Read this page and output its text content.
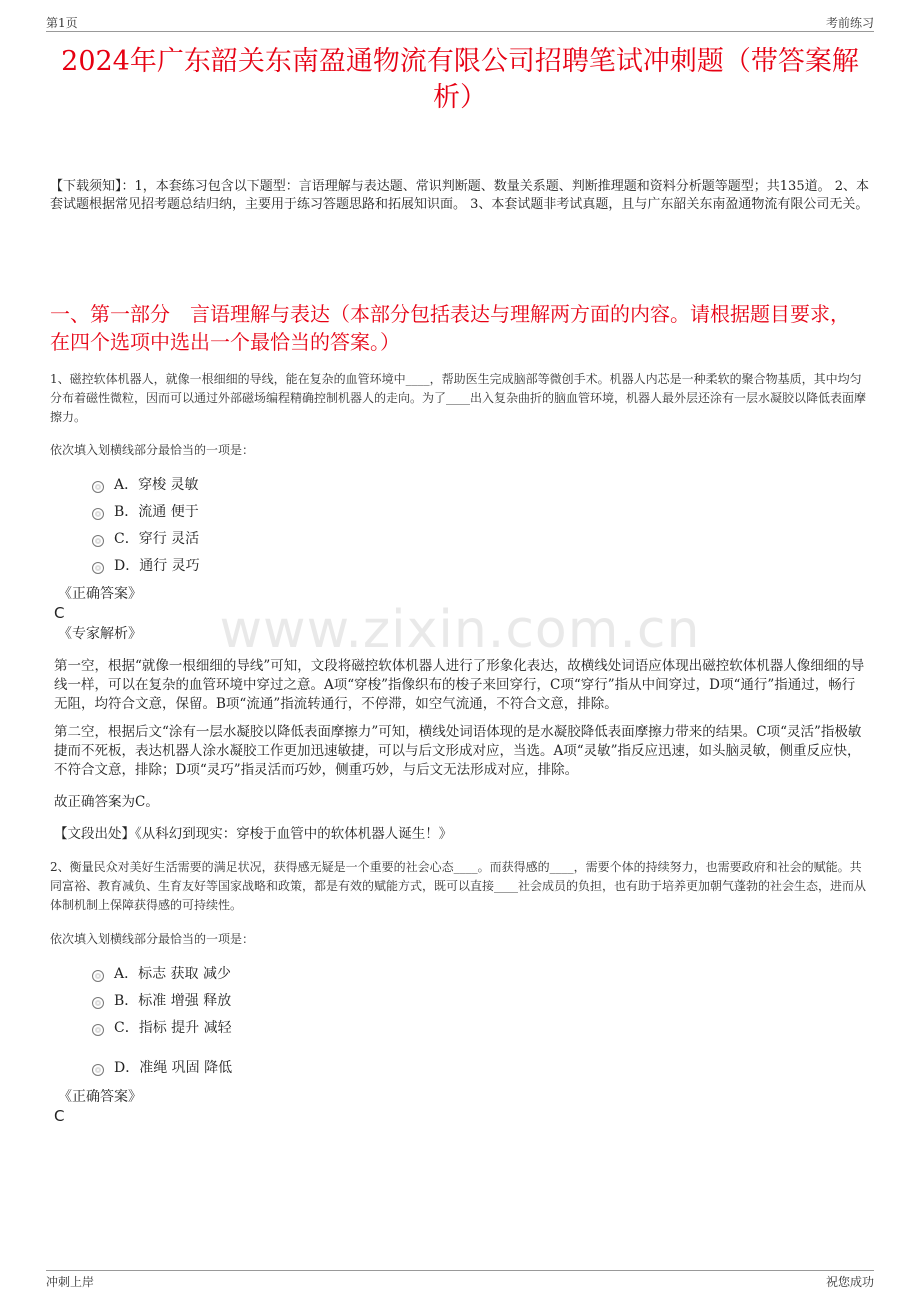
第1页	考前练习
2024年广东韶关东南盈通物流有限公司招聘笔试冲刺题（带答案解析）
【下载须知】：1，本套练习包含以下题型：言语理解与表达题、常识判断题、数量关系题、判断推理题和资料分析题等题型；共135道。 2、本套试题根据常见招考题总结归纳，主要用于练习答题思路和拓展知识面。 3、本套试题非考试真题，且与广东韶关东南盈通物流有限公司无关。
一、第一部分　言语理解与表达（本部分包括表达与理解两方面的内容。请根据题目要求，在四个选项中选出一个最恰当的答案。）
1、磁控软体机器人，就像一根细细的导线，能在复杂的血管环境中____，帮助医生完成脑部等微创手术。机器人内芯是一种柔软的聚合物基质，其中均匀分布着磁性微粒，因而可以通过外部磁场编程精确控制机器人的走向。为了____出入复杂曲折的脑血管环境，机器人最外层还涂有一层水凝胶以降低表面摩擦力。
依次填入划横线部分最恰当的一项是：
A．穿梭 灵敏
B．流通 便于
C．穿行 灵活
D．通行 灵巧
《正确答案》
C
《专家解析》	www.zixin.com.cn
第一空，根据“就像一根细细的导线”可知，文段将磁控软体机器人进行了形象化表达，故横线处词语应体现出磁控软体机器人像细细的导线一样，可以在复杂的血管环境中穿过之意。A项“穿梭”指像织布的梭子来回穿行，C项“穿行”指从中间穿过，D项“通行”指通过，畅行无阻，均符合文意，保留。B项“流通”指流转通行，不停滞，如空气流通，不符合文意，排除。
第二空，根据后文“涂有一层水凝胶以降低表面摩擦力”可知，横线处词语体现的是水凝胶降低表面摩擦力带来的结果。C项“灵活”指极敏捷而不死板，表达机器人涂水凝胶工作更加迅速敏捷，可以与后文形成对应，当选。A项“灵敏”指反应迅速，如头脑灵敏，侧重反应快，不符合文意，排除；D项“灵巧”指灵活而巧妙，侧重巧妙，与后文无法形成对应，排除。
故正确答案为C。
【文段出处】《从科幻到现实：穿梭于血管中的软体机器人诞生！》
2、衡量民众对美好生活需要的满足状况，获得感无疑是一个重要的社会心态____。而获得感的____，需要个体的持续努力，也需要政府和社会的赋能。共同富裕、教育减负、生育友好等国家战略和政策，都是有效的赋能方式，既可以直接____社会成员的负担，也有助于培养更加朝气蓬勃的社会生态，进而从体制机制上保障获得感的可持续性。
依次填入划横线部分最恰当的一项是：
A．标志 获取 减少
B．标准 增强 释放
C．指标 提升 减轻
D．准绳 巩固 降低
《正确答案》
C
冲刺上岸	祝您成功
